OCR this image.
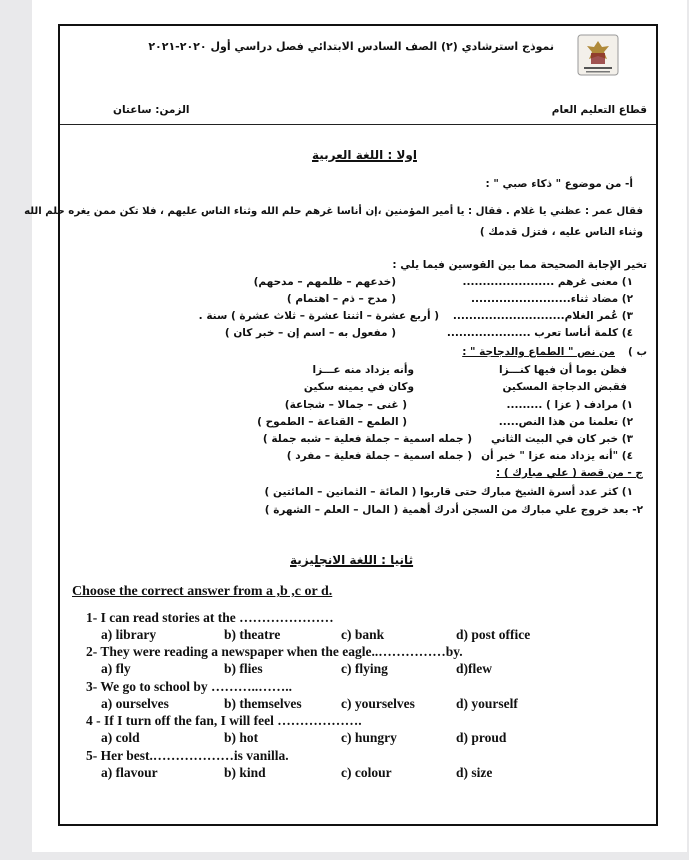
نموذج استرشادي (٢) الصف السادس الابتدائي فصل دراسي أول ٢٠٢٠-٢٠٢١
قطاع التعليم العام
الزمن: ساعتان
اولا : اللغة العربية
أ- من موضوع " ذكاء صبي " :
فقال عمر : عظني يا غلام . فقال : يا أمير المؤمنين ،إن أناسا غرهم حلم الله وثناء الناس عليهم ، فلا تكن ممن يغره حلم الله
وثناء الناس عليه ، فتزل قدمك )
تخير الإجابة الصحيحة مما بين القوسين فيما يلي :
١) معنى غرهم .......................
(خدعهم – ظلمهم – مدحهم)
٢) مضاد ثناء.........................
( مدح – ذم – اهتمام )
٣) عُمر الغلام............................
( أربع عشرة – اثنتا عشرة – ثلاث عشرة ) سنة .
٤) كلمة أناسا تعرب .....................
( مفعول به – اسم إن – خبر كان )
ب )
من نص " الطماع والدجاجة " :
فظن يوما أن فيها كنـــزا
وأنه يزداد منه عـــزا
فقبض الدجاجة المسكين
وكان في يمينه سكين
١) مرادف ( عزا ) .........
( غنى – جمالا – شجاعة)
٢) تعلمنا من هذا النص.....
( الطمع – القناعة – الطموح )
٣) خبر كان في البيت الثاني
( جمله اسمية – جملة فعلية – شبه جملة )
٤) "أنه يزداد منه عزا " خبر أن
( جمله اسمية – جملة فعلية – مفرد )
ج - من قصة ( علي مبارك ) :
١) كثر عدد أسرة الشيخ مبارك حتى قاربوا ( المائة – الثمانين – المائتين )
٢- بعد خروج علي مبارك من السجن أدرك أهمية ( المال – العلم – الشهرة )
ثانيا : اللغة الانجليزية
Choose the correct answer from a ,b ,c or d.
1- I can read stories at the …………………
a) library	b) theatre	c) bank	d) post office
2- They were reading a newspaper when the eagle..……………by.
a) fly	b) flies	c) flying	d)flew
3- We go to school by ………..……..
a) ourselves	b) themselves	c) yourselves	d) yourself
4 - If I turn off the fan, I will feel ……………….
a) cold	b) hot	c) hungry	d) proud
5- Her best.………………is vanilla.
a) flavour	b) kind	c) colour	d) size
